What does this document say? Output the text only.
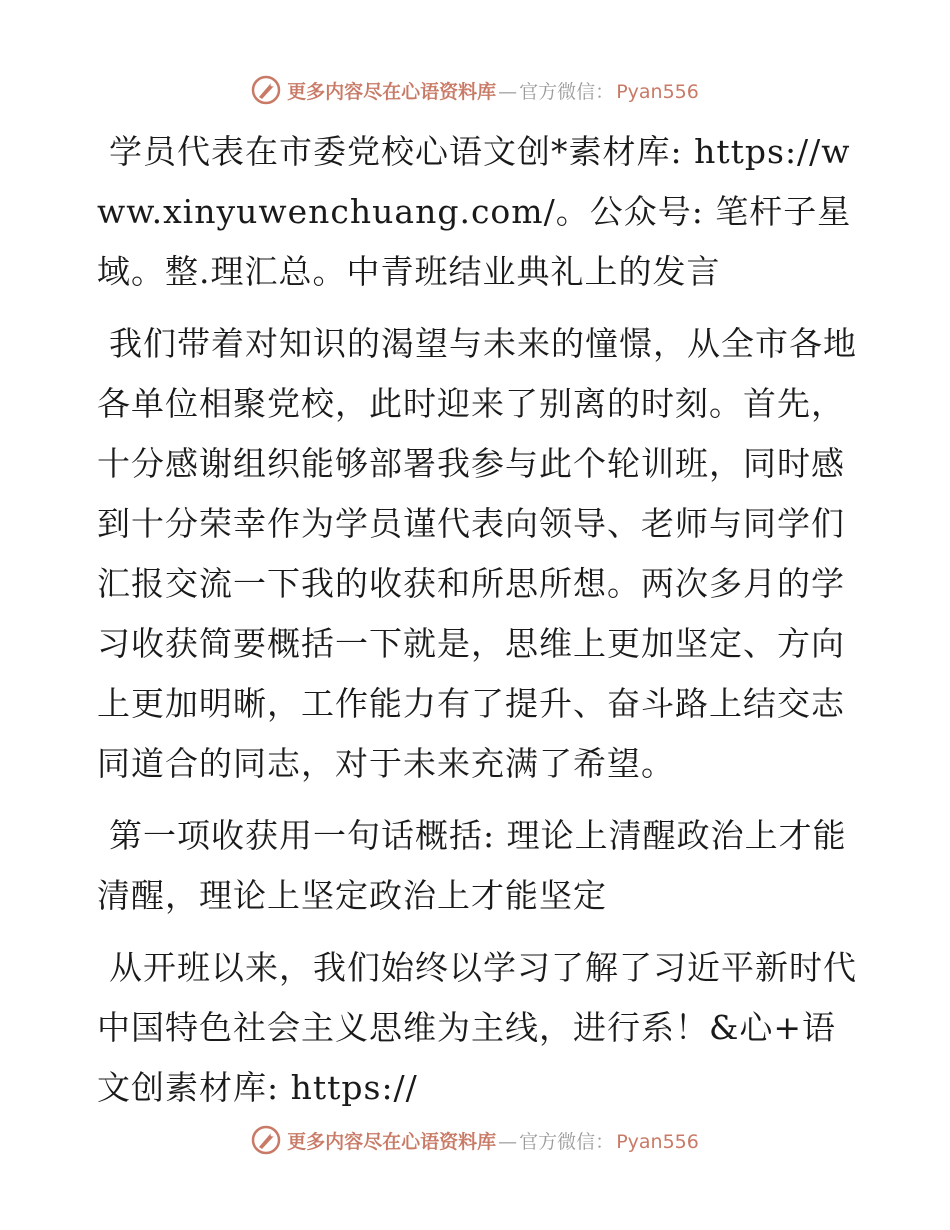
更多内容尽在心语资料库 — 官方微信： Pyan556

学员代表在市委党校心语文创*素材库: https://www.xinyuwenchuang.com/。公众号: 笔杆子星域。整.理汇总。中青班结业典礼上的发言

我们带着对知识的渴望与未来的憧憬，从全市各地各单位相聚党校，此时迎来了别离的时刻。首先，十分感谢组织能够部署我参与此个轮训班，同时感到十分荣幸作为学员谨代表向领导、老师与同学们汇报交流一下我的收获和所思所想。两次多月的学习收获简要概括一下就是，思维上更加坚定、方向上更加明晰，工作能力有了提升、奋斗路上结交志同道合的同志，对于未来充满了希望。

第一项收获用一句话概括: 理论上清醒政治上才能清醒，理论上坚定政治上才能坚定

从开班以来，我们始终以学习了解了习近平新时代中国特色社会主义思维为主线，进行系！&心+语文创素材库: https://

更多内容尽在心语资料库 — 官方微信： Pyan556
